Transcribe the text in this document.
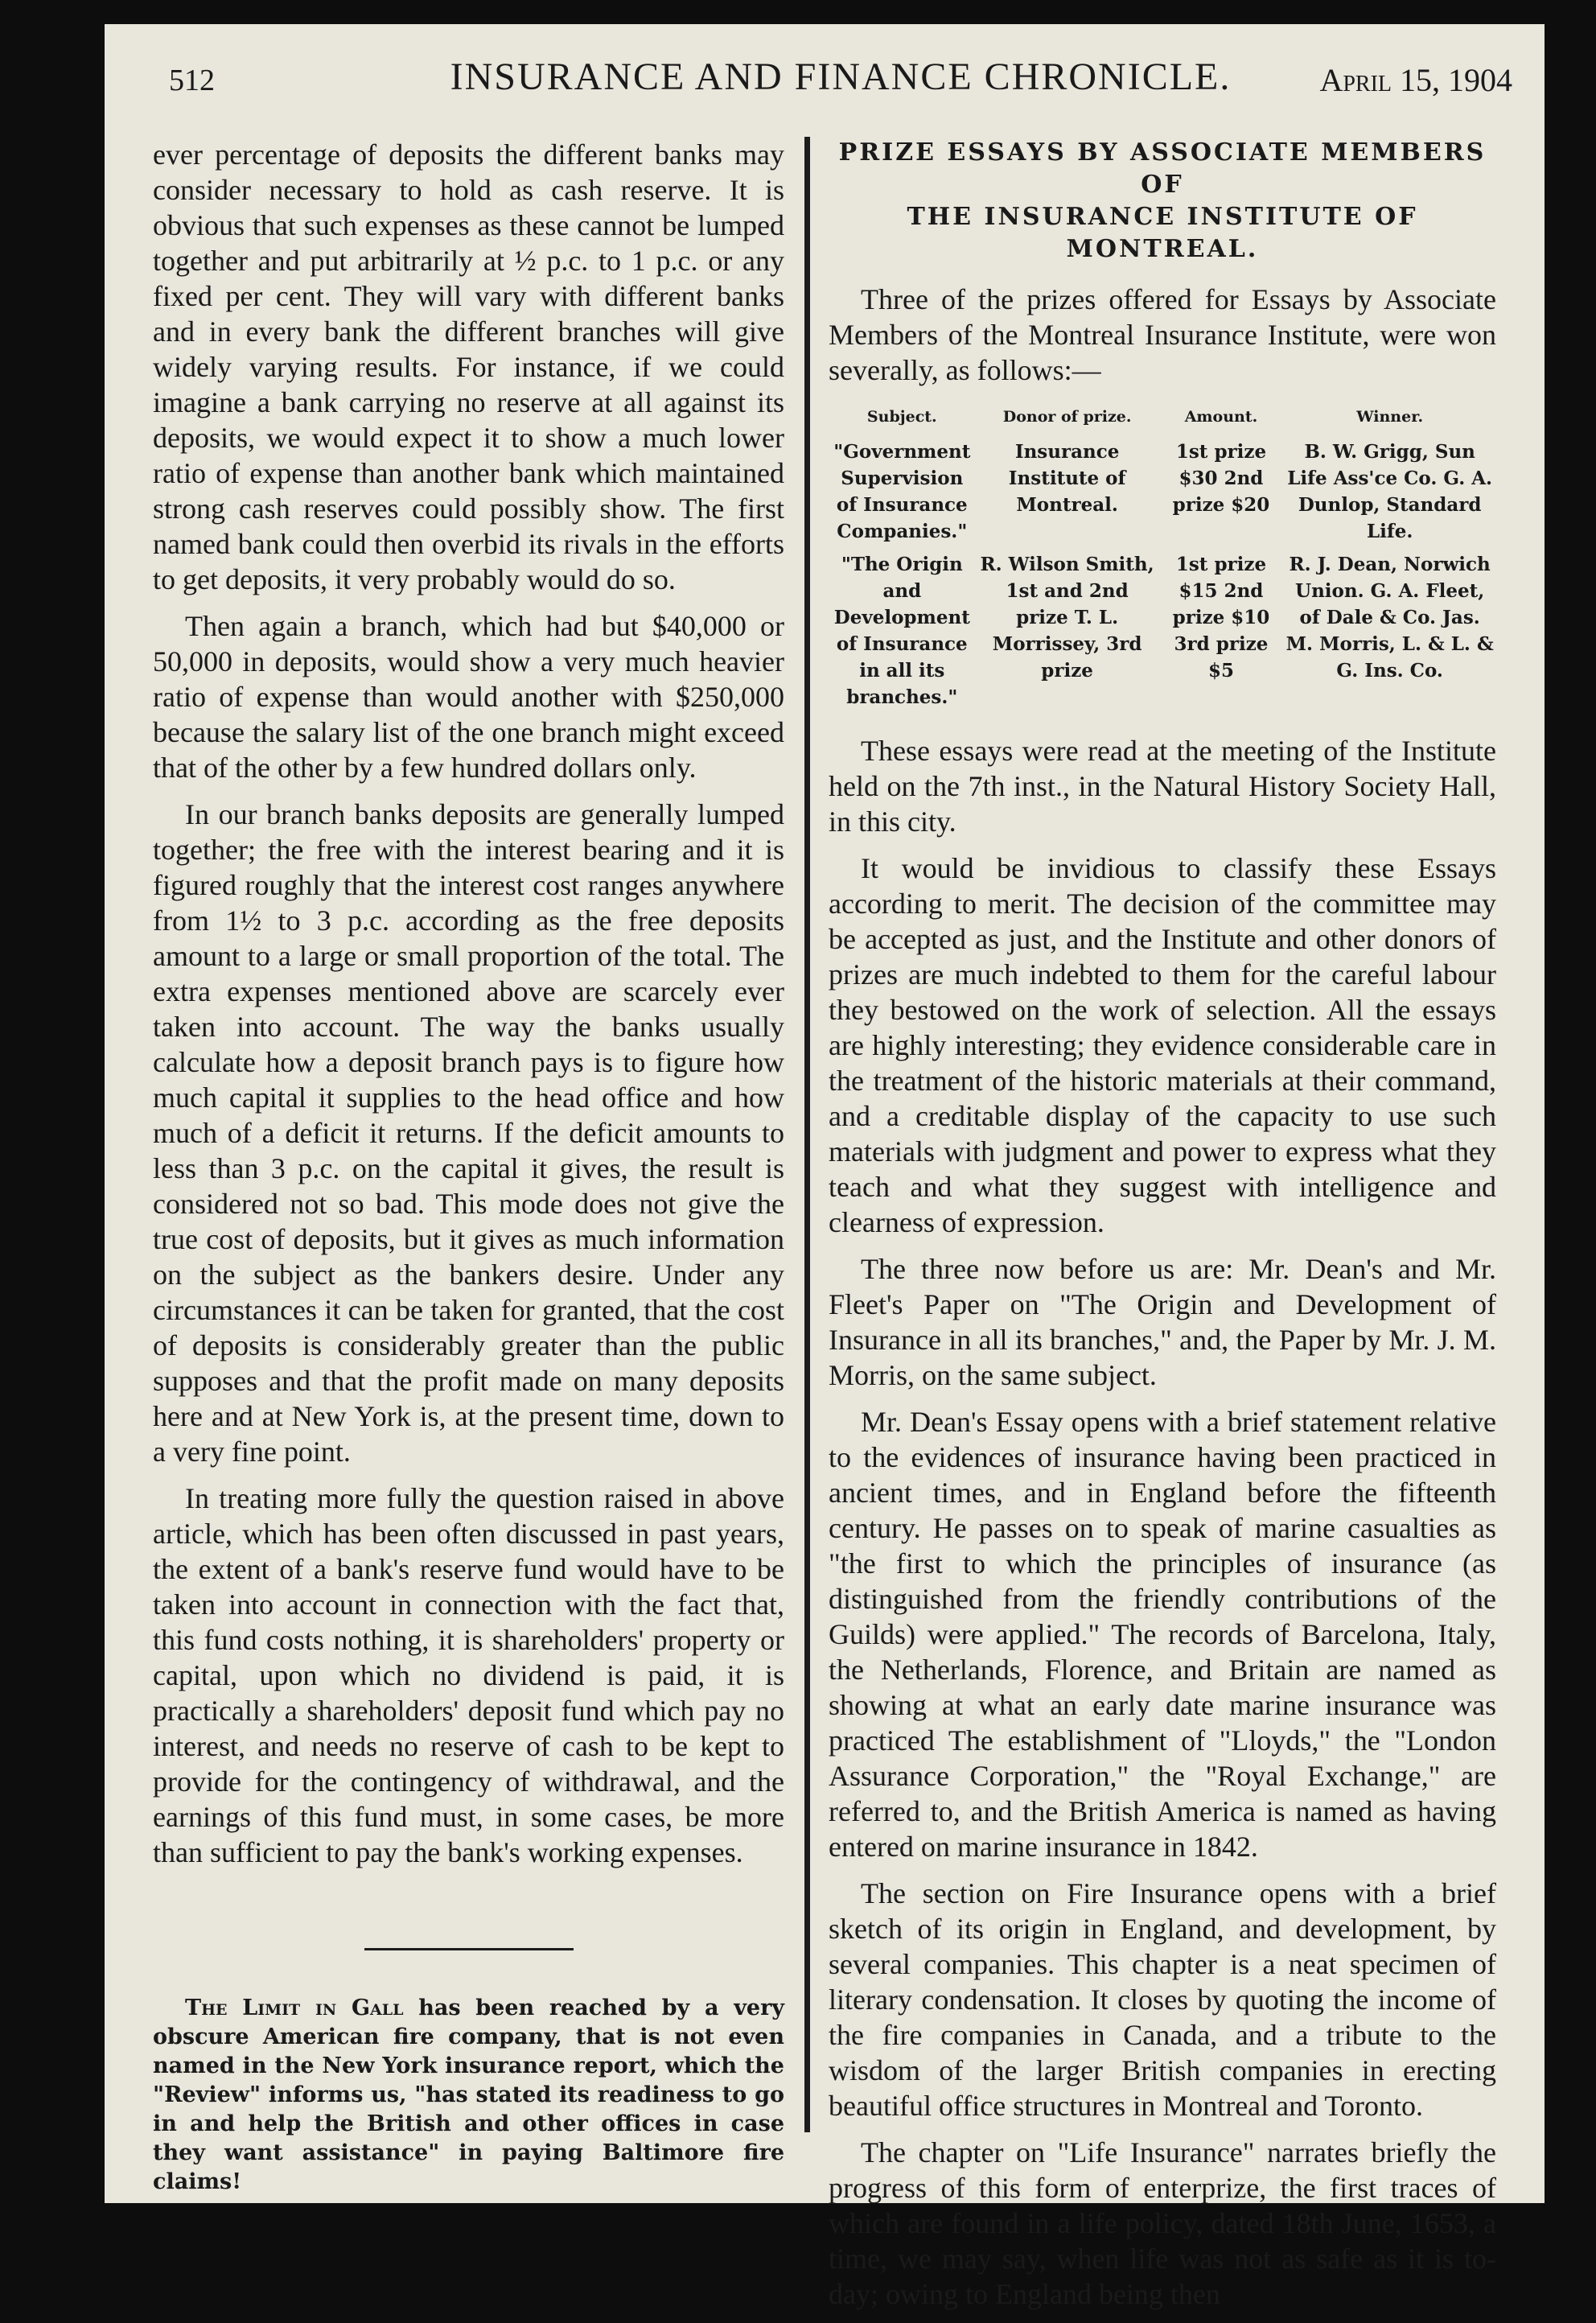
512	INSURANCE AND FINANCE CHRONICLE.	April 15, 1904

ever percentage of deposits the different banks may consider necessary to hold as cash reserve. It is obvious that such expenses as these cannot be lumped together and put arbitrarily at ½ p.c. to 1 p.c. or any fixed per cent. They will vary with different banks and in every bank the different branches will give widely varying results. For instance, if we could imagine a bank carrying no reserve at all against its deposits, we would expect it to show a much lower ratio of expense than another bank which maintained strong cash reserves could possibly show. The first named bank could then overbid its rivals in the efforts to get deposits, it very probably would do so.

Then again a branch, which had but $40,000 or 50,000 in deposits, would show a very much heavier ratio of expense than would another with $250,000 because the salary list of the one branch might exceed that of the other by a few hundred dollars only.

In our branch banks deposits are generally lumped together; the free with the interest bearing and it is figured roughly that the interest cost ranges anywhere from 1½ to 3 p.c. according as the free deposits amount to a large or small proportion of the total. The extra expenses mentioned above are scarcely ever taken into account. The way the banks usually calculate how a deposit branch pays is to figure how much capital it supplies to the head office and how much of a deficit it returns. If the deficit amounts to less than 3 p.c. on the capital it gives, the result is considered not so bad. This mode does not give the true cost of deposits, but it gives as much information on the subject as the bankers desire. Under any circumstances it can be taken for granted, that the cost of deposits is considerably greater than the public supposes and that the profit made on many deposits here and at New York is, at the present time, down to a very fine point.

In treating more fully the question raised in above article, which has been often discussed in past years, the extent of a bank's reserve fund would have to be taken into account in connection with the fact that, this fund costs nothing, it is shareholders' property or capital, upon which no dividend is paid, it is practically a shareholders' deposit fund which pay no interest, and needs no reserve of cash to be kept to provide for the contingency of withdrawal, and the earnings of this fund must, in some cases, be more than sufficient to pay the bank's working expenses.

The Limit in Gall has been reached by a very obscure American fire company, that is not even named in the New York insurance report, which the "Review" informs us, "has stated its readiness to go in and help the British and other offices in case they want assistance" in paying Baltimore fire claims!

PRIZE ESSAYS BY ASSOCIATE MEMBERS OF
THE INSURANCE INSTITUTE OF MONTREAL.

Three of the prizes offered for Essays by Associate Members of the Montreal Insurance Institute, were won severally, as follows:—

Subject.	Donor of prize.	Amount.	Winner.
"Government Supervision of Insurance Companies."	Insurance Institute of Montreal.	1st prize $30 2nd prize $20	B. W. Grigg, Sun Life Ass'ce Co. G. A. Dunlop, Standard Life.
"The Origin and Development of Insurance in all its branches."	R. Wilson Smith, 1st and 2nd prize T. L. Morrissey, 3rd prize	1st prize $15 2nd prize $10 3rd prize $5	R. J. Dean, Norwich Union. G. A. Fleet, of Dale & Co. Jas. M. Morris, L. & L. & G. Ins. Co.

These essays were read at the meeting of the Institute held on the 7th inst., in the Natural History Society Hall, in this city.

It would be invidious to classify these Essays according to merit. The decision of the committee may be accepted as just, and the Institute and other donors of prizes are much indebted to them for the careful labour they bestowed on the work of selection. All the essays are highly interesting; they evidence considerable care in the treatment of the historic materials at their command, and a creditable display of the capacity to use such materials with judgment and power to express what they teach and what they suggest with intelligence and clearness of expression.

The three now before us are: Mr. Dean's and Mr. Fleet's Paper on "The Origin and Development of Insurance in all its branches," and, the Paper by Mr. J. M. Morris, on the same subject.

Mr. Dean's Essay opens with a brief statement relative to the evidences of insurance having been practiced in ancient times, and in England before the fifteenth century. He passes on to speak of marine casualties as "the first to which the principles of insurance (as distinguished from the friendly contributions of the Guilds) were applied." The records of Barcelona, Italy, the Netherlands, Florence, and Britain are named as showing at what an early date marine insurance was practiced The establishment of "Lloyds," the "London Assurance Corporation," the "Royal Exchange," are referred to, and the British America is named as having entered on marine insurance in 1842.

The section on Fire Insurance opens with a brief sketch of its origin in England, and development, by several companies. This chapter is a neat specimen of literary condensation. It closes by quoting the income of the fire companies in Canada, and a tribute to the wisdom of the larger British companies in erecting beautiful office structures in Montreal and Toronto.

The chapter on "Life Insurance" narrates briefly the progress of this form of enterprize, the first traces of which are found in a life policy, dated 18th June, 1653, a time, we may say, when life was not as safe as it is to-day; owing to England being then
